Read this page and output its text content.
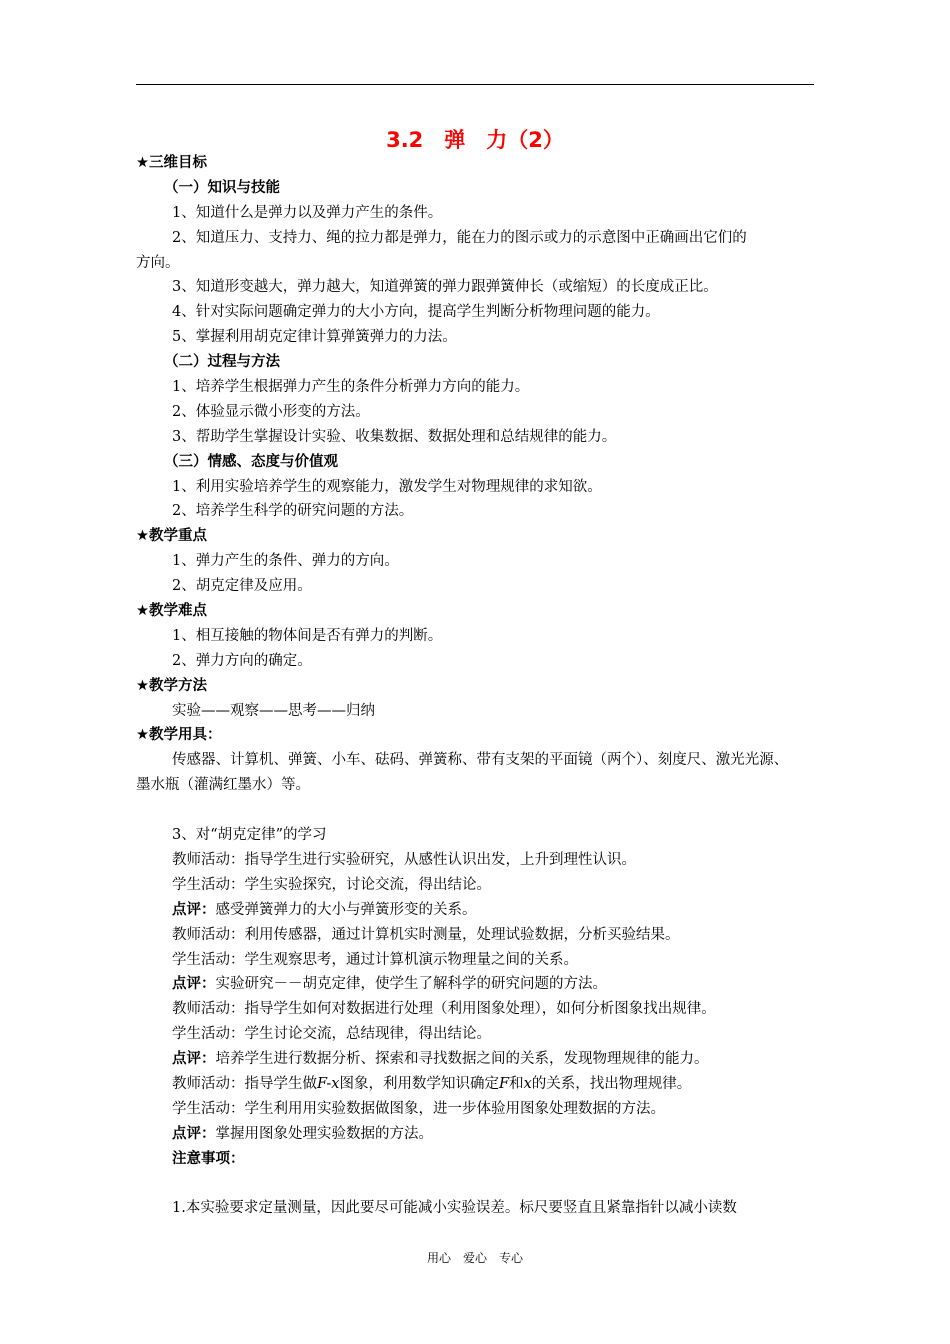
3.2　弹　力（2）
★三维目标
（一）知识与技能
1、知道什么是弹力以及弹力产生的条件。
2、知道压力、支持力、绳的拉力都是弹力，能在力的图示或力的示意图中正确画出它们的
方向。
3、知道形变越大，弹力越大，知道弹簧的弹力跟弹簧伸长（或缩短）的长度成正比。
4、针对实际问题确定弹力的大小方向，提高学生判断分析物理问题的能力。
5、掌握利用胡克定律计算弹簧弹力的力法。
（二）过程与方法
1、培养学生根据弹力产生的条件分析弹力方向的能力。
2、体验显示微小形变的方法。
3、帮助学生掌握设计实验、收集数据、数据处理和总结规律的能力。
（三）情感、态度与价值观
1、利用实验培养学生的观察能力，激发学生对物理规律的求知欲。
2、培养学生科学的研究问题的方法。
★教学重点
1、弹力产生的条件、弹力的方向。
2、胡克定律及应用。
★教学难点
1、相互接触的物体间是否有弹力的判断。
2、弹力方向的确定。
★教学方法
实验——观察——思考——归纳
★教学用具：
传感器、计算机、弹簧、小车、砝码、弹簧称、带有支架的平面镜（两个）、刻度尺、激光光源、
墨水瓶（灌满红墨水）等。
3、对“胡克定律”的学习
教师活动：指导学生进行实验研究，从感性认识出发，上升到理性认识。
学生活动：学生实验探究，讨论交流，得出结论。
点评：感受弹簧弹力的大小与弹簧形变的关系。
教师活动：利用传感器，通过计算机实时测量，处理试验数据，分析买验结果。
学生活动：学生观察思考，通过计算机演示物理量之间的关系。
点评：实验研究－－胡克定律，使学生了解科学的研究问题的方法。
教师活动：指导学生如何对数据进行处理（利用图象处理），如何分析图象找出规律。
学生活动：学生讨论交流，总结现律，得出结论。
点评：培养学生进行数据分析、探索和寻找数据之间的关系，发现物理规律的能力。
教师活动：指导学生做F-x图象，利用数学知识确定F和x的关系，找出物理规律。
学生活动：学生利用用实验数据做图象，进一步体验用图象处理数据的方法。
点评：掌握用图象处理实验数据的方法。
注意事项：
1.本实验要求定量测量，因此要尽可能减小实验误差。标尺要竖直且紧靠指针以减小读数
用心　爱心　专心
